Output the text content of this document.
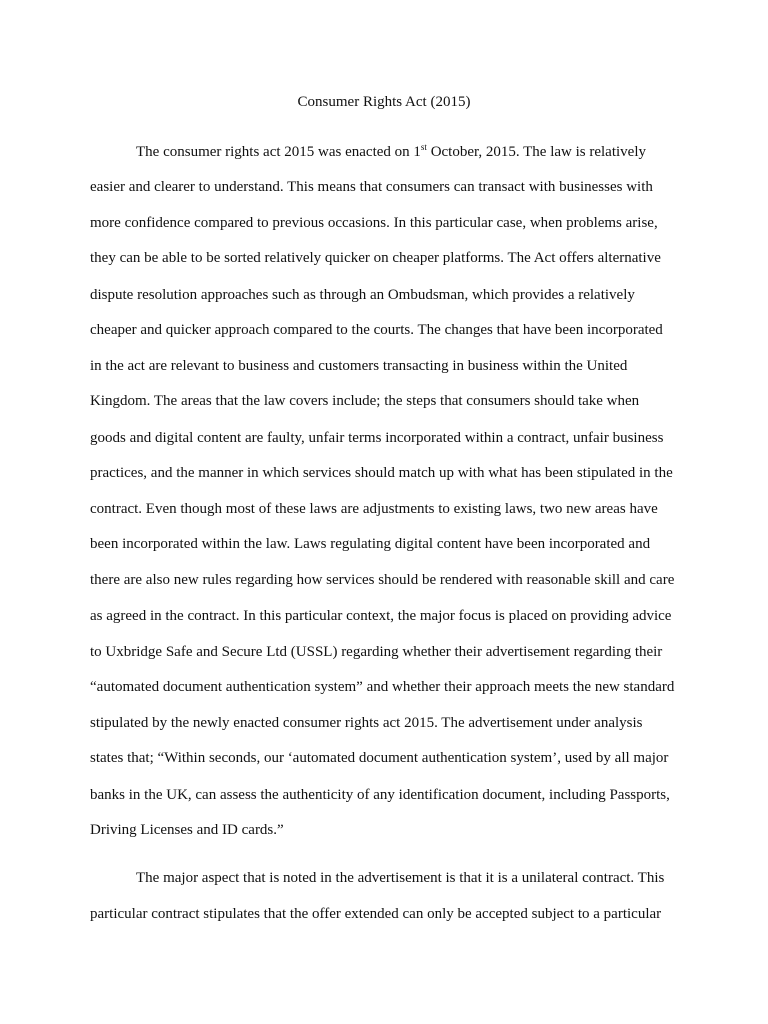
Consumer Rights Act (2015)
The consumer rights act 2015 was enacted on 1st October, 2015. The law is relatively
easier and clearer to understand. This means that consumers can transact with businesses with
more confidence compared to previous occasions. In this particular case, when problems arise,
they can be able to be sorted relatively quicker on cheaper platforms. The Act offers alternative
dispute resolution approaches such as through an Ombudsman, which provides a relatively
cheaper and quicker approach compared to the courts. The changes that have been incorporated
in the act are relevant to business and customers transacting in business within the United
Kingdom. The areas that the law covers include; the steps that consumers should take when
goods and digital content are faulty, unfair terms incorporated within a contract, unfair business
practices, and the manner in which services should match up with what has been stipulated in the
contract. Even though most of these laws are adjustments to existing laws, two new areas have
been incorporated within the law. Laws regulating digital content have been incorporated and
there are also new rules regarding how services should be rendered with reasonable skill and care
as agreed in the contract. In this particular context, the major focus is placed on providing advice
to Uxbridge Safe and Secure Ltd (USSL) regarding whether their advertisement regarding their
“automated document authentication system” and whether their approach meets the new standard
stipulated by the newly enacted consumer rights act 2015. The advertisement under analysis
states that; “Within seconds, our ‘automated document authentication system’, used by all major
banks in the UK, can assess the authenticity of any identification document, including Passports,
Driving Licenses and ID cards.”
The major aspect that is noted in the advertisement is that it is a unilateral contract. This
particular contract stipulates that the offer extended can only be accepted subject to a particular
